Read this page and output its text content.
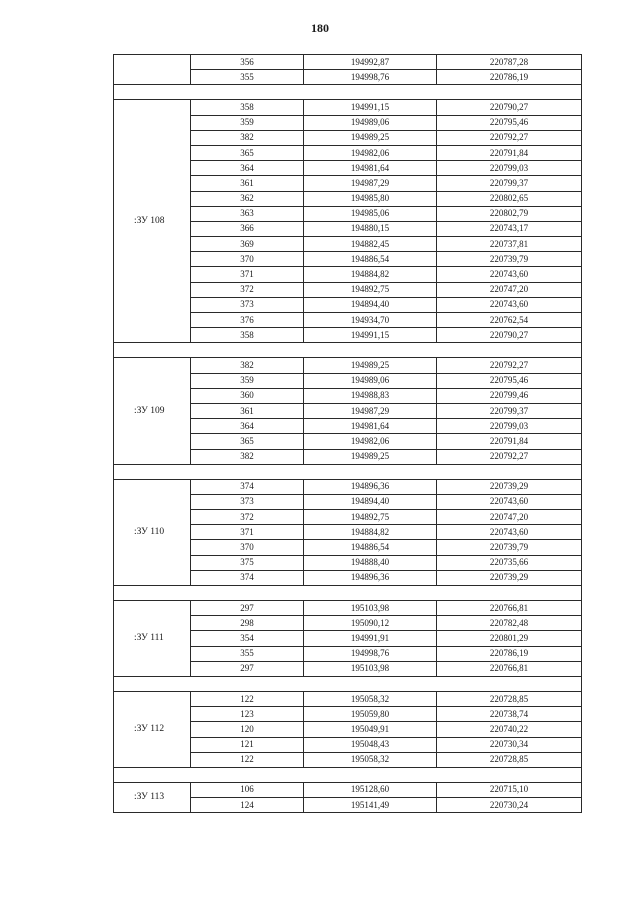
180
	356	194992,87	220787,28
	355	194998,76	220786,19

:ЗУ 108	358	194991,15	220790,27
	359	194989,06	220795,46
	382	194989,25	220792,27
	365	194982,06	220791,84
	364	194981,64	220799,03
	361	194987,29	220799,37
	362	194985,80	220802,65
	363	194985,06	220802,79
	366	194880,15	220743,17
	369	194882,45	220737,81
	370	194886,54	220739,79
	371	194884,82	220743,60
	372	194892,75	220747,20
	373	194894,40	220743,60
	376	194934,70	220762,54
	358	194991,15	220790,27

:ЗУ 109	382	194989,25	220792,27
	359	194989,06	220795,46
	360	194988,83	220799,46
	361	194987,29	220799,37
	364	194981,64	220799,03
	365	194982,06	220791,84
	382	194989,25	220792,27

:ЗУ 110	374	194896,36	220739,29
	373	194894,40	220743,60
	372	194892,75	220747,20
	371	194884,82	220743,60
	370	194886,54	220739,79
	375	194888,40	220735,66
	374	194896,36	220739,29

:ЗУ 111	297	195103,98	220766,81
	298	195090,12	220782,48
	354	194991,91	220801,29
	355	194998,76	220786,19
	297	195103,98	220766,81

:ЗУ 112	122	195058,32	220728,85
	123	195059,80	220738,74
	120	195049,91	220740,22
	121	195048,43	220730,34
	122	195058,32	220728,85

:ЗУ 113	106	195128,60	220715,10
	124	195141,49	220730,24
